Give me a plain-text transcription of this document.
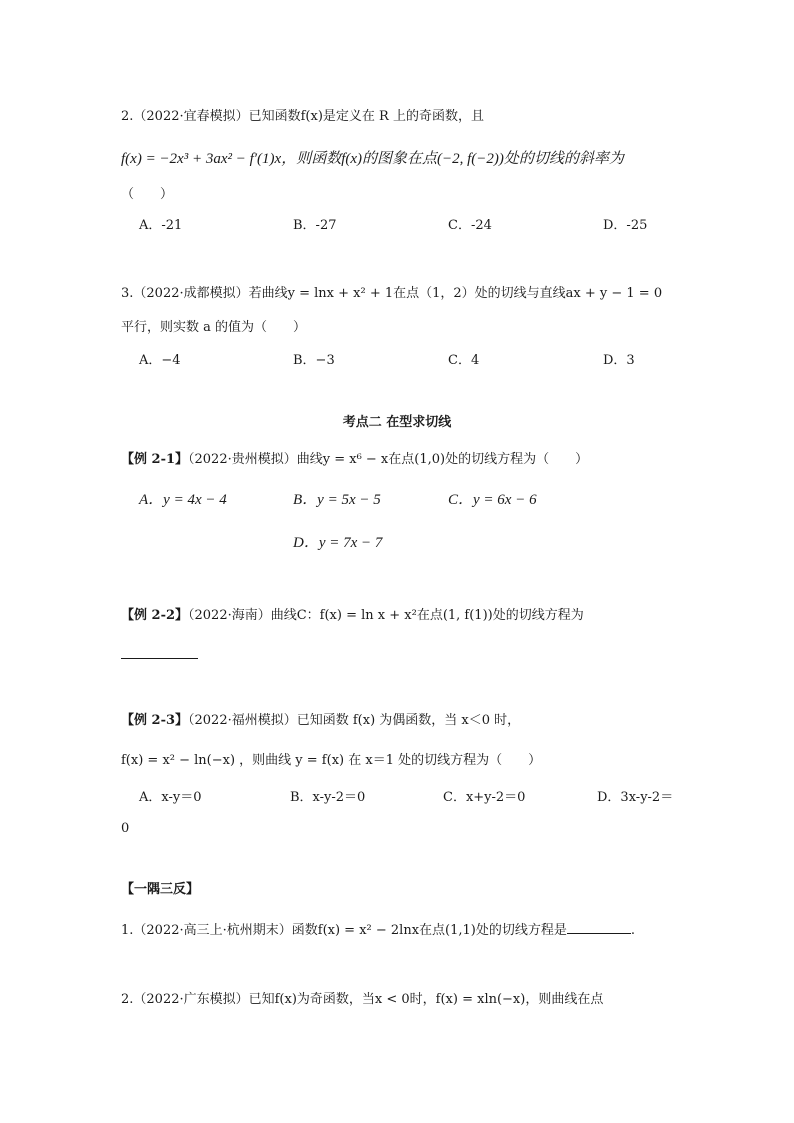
2.（2022·宜春模拟）已知函数f(x)是定义在 R 上的奇函数，且
f(x) = −2x³ + 3ax² − f′(1)x，则函数f(x)的图象在点(−2, f(−2))处的切线的斜率为
（　　）
A．-21	B．-27	C．-24	D．-25
3.（2022·成都模拟）若曲线y = lnx + x² + 1在点（1，2）处的切线与直线ax + y − 1 = 0
平行，则实数 a 的值为（　　）
A．−4	B．−3	C．4	D．3
考点二 在型求切线
【例 2-1】（2022·贵州模拟）曲线y = x⁶ − x在点(1,0)处的切线方程为（　　）
A．y = 4x − 4	B．y = 5x − 5	C．y = 6x − 6
D．y = 7x − 7
【例 2-2】（2022·海南）曲线C：f(x) = ln x + x²在点(1, f(1))处的切线方程为
【例 2-3】（2022·福州模拟）已知函数 f(x) 为偶函数，当 x＜0 时，
f(x) = x² − ln(−x) ，则曲线 y = f(x) 在 x＝1 处的切线方程为（　　）
A．x-y＝0	B．x-y-2＝0	C．x+y-2＝0	D．3x-y-2＝
0
【一隅三反】
1.（2022·高三上·杭州期末）函数f(x) = x² − 2lnx在点(1,1)处的切线方程是	.
2.（2022·广东模拟）已知f(x)为奇函数，当x < 0时，f(x) = xln(−x)，则曲线在点
